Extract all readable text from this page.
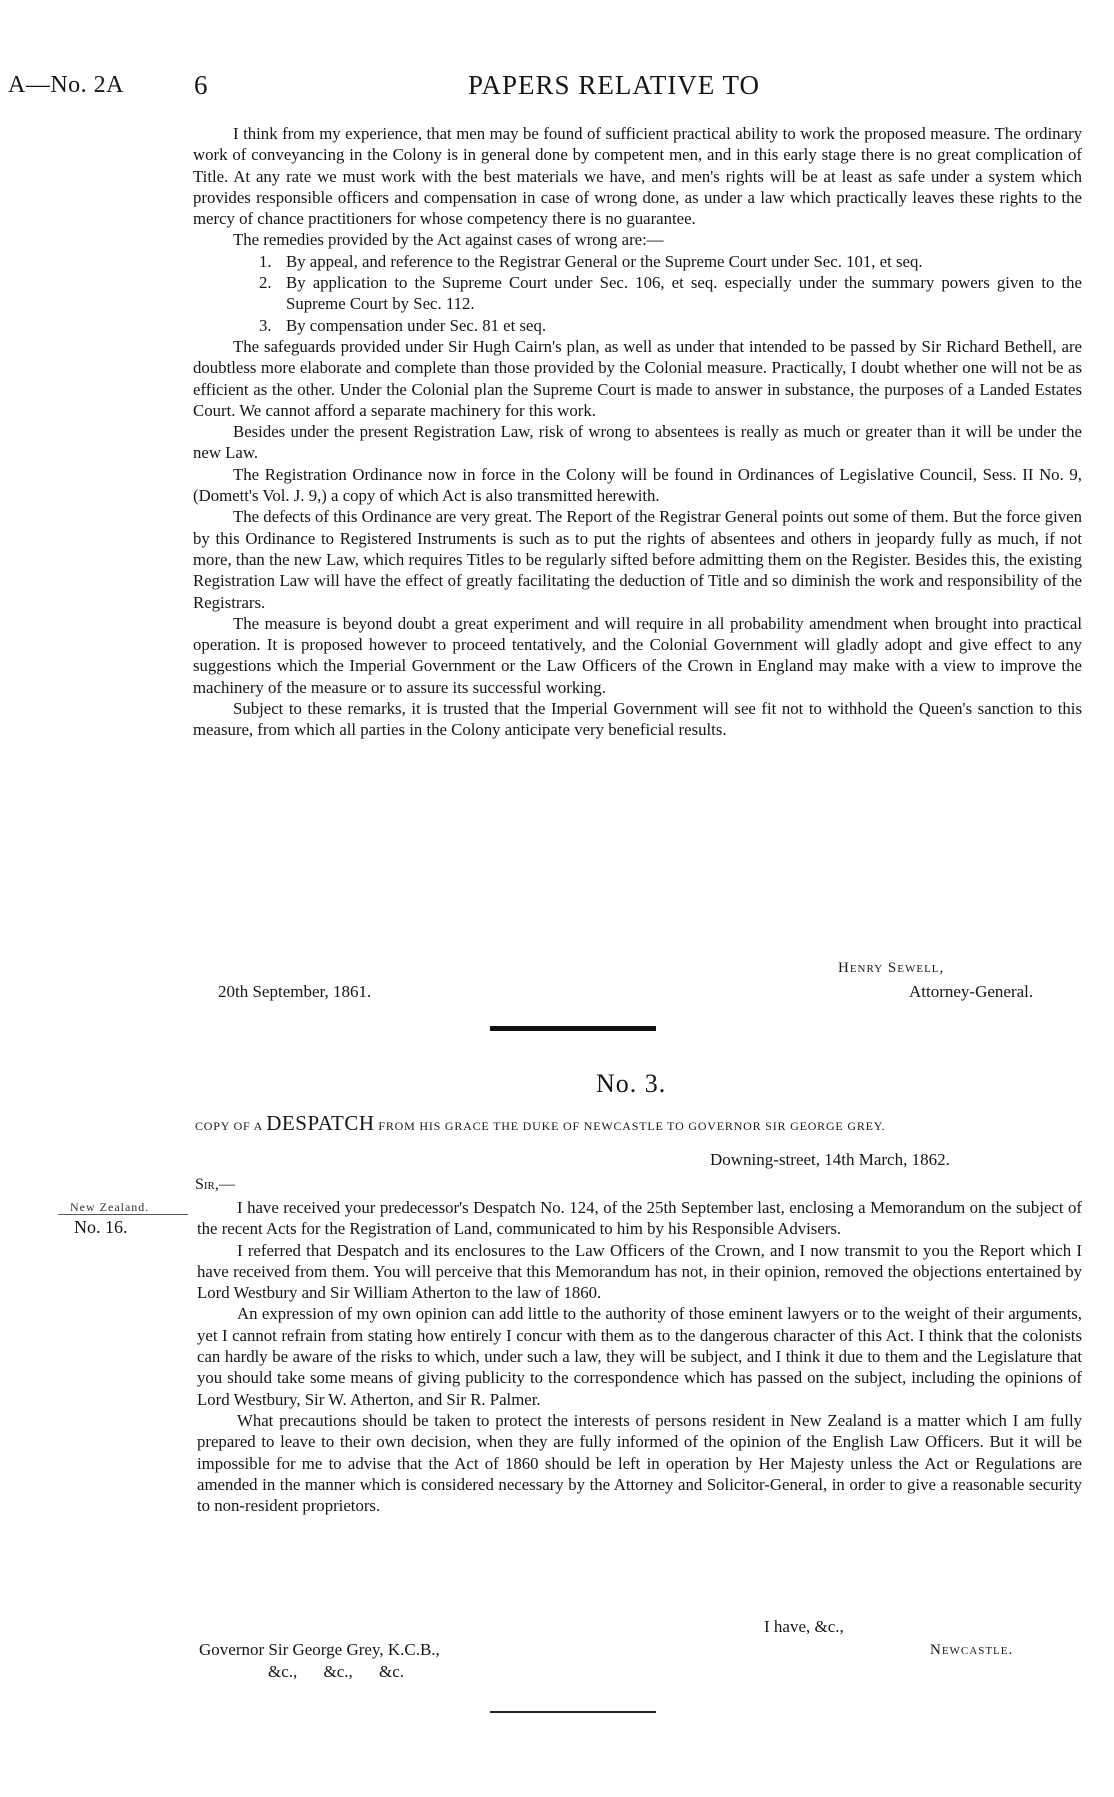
A—No. 2A	6	PAPERS RELATIVE TO

I think from my experience, that men may be found of sufficient practical ability to work the proposed measure. The ordinary work of conveyancing in the Colony is in general done by competent men, and in this early stage there is no great complication of Title. At any rate we must work with the best materials we have, and men's rights will be at least as safe under a system which provides responsible officers and compensation in case of wrong done, as under a law which practically leaves these rights to the mercy of chance practitioners for whose competency there is no guarantee.

The remedies provided by the Act against cases of wrong are:—

1. By appeal, and reference to the Registrar General or the Supreme Court under Sec. 101, et seq.
2. By application to the Supreme Court under Sec. 106, et seq. especially under the summary powers given to the Supreme Court by Sec. 112.
3. By compensation under Sec. 81 et seq.

The safeguards provided under Sir Hugh Cairn's plan, as well as under that intended to be passed by Sir Richard Bethell, are doubtless more elaborate and complete than those provided by the Colonial measure. Practically, I doubt whether one will not be as efficient as the other. Under the Colonial plan the Supreme Court is made to answer in substance, the purposes of a Landed Estates Court. We cannot afford a separate machinery for this work.

Besides under the present Registration Law, risk of wrong to absentees is really as much or greater than it will be under the new Law.

The Registration Ordinance now in force in the Colony will be found in Ordinances of Legislative Council, Sess. II No. 9, (Domett's Vol. J. 9,) a copy of which Act is also transmitted herewith.

The defects of this Ordinance are very great. The Report of the Registrar General points out some of them. But the force given by this Ordinance to Registered Instruments is such as to put the rights of absentees and others in jeopardy fully as much, if not more, than the new Law, which requires Titles to be regularly sifted before admitting them on the Register. Besides this, the existing Registration Law will have the effect of greatly facilitating the deduction of Title and so diminish the work and responsibility of the Registrars.

The measure is beyond doubt a great experiment and will require in all probability amendment when brought into practical operation. It is proposed however to proceed tentatively, and the Colonial Government will gladly adopt and give effect to any suggestions which the Imperial Government or the Law Officers of the Crown in England may make with a view to improve the machinery of the measure or to assure its successful working.

Subject to these remarks, it is trusted that the Imperial Government will see fit not to withhold the Queen's sanction to this measure, from which all parties in the Colony anticipate very beneficial results.

Henry Sewell,
20th September, 1861.	Attorney-General.
No. 3.
COPY OF A DESPATCH FROM HIS GRACE THE DUKE OF NEWCASTLE TO GOVERNOR SIR GEORGE GREY.
Downing-street, 14th March, 1862.
Sir,—
New Zealand.
No. 16.

I have received your predecessor's Despatch No. 124, of the 25th September last, enclosing a Memorandum on the subject of the recent Acts for the Registration of Land, communicated to him by his Responsible Advisers.

I referred that Despatch and its enclosures to the Law Officers of the Crown, and I now transmit to you the Report which I have received from them. You will perceive that this Memorandum has not, in their opinion, removed the objections entertained by Lord Westbury and Sir William Atherton to the law of 1860.

An expression of my own opinion can add little to the authority of those eminent lawyers or to the weight of their arguments, yet I cannot refrain from stating how entirely I concur with them as to the dangerous character of this Act. I think that the colonists can hardly be aware of the risks to which, under such a law, they will be subject, and I think it due to them and the Legislature that you should take some means of giving publicity to the correspondence which has passed on the subject, including the opinions of Lord Westbury, Sir W. Atherton, and Sir R. Palmer.

What precautions should be taken to protect the interests of persons resident in New Zealand is a matter which I am fully prepared to leave to their own decision, when they are fully informed of the opinion of the English Law Officers. But it will be impossible for me to advise that the Act of 1860 should be left in operation by Her Majesty unless the Act or Regulations are amended in the manner which is considered necessary by the Attorney and Solicitor-General, in order to give a reasonable security to non-resident proprietors.

I have, &c.,
Governor Sir George Grey, K.C.B.,	Newcastle.
&c., &c., &c.
